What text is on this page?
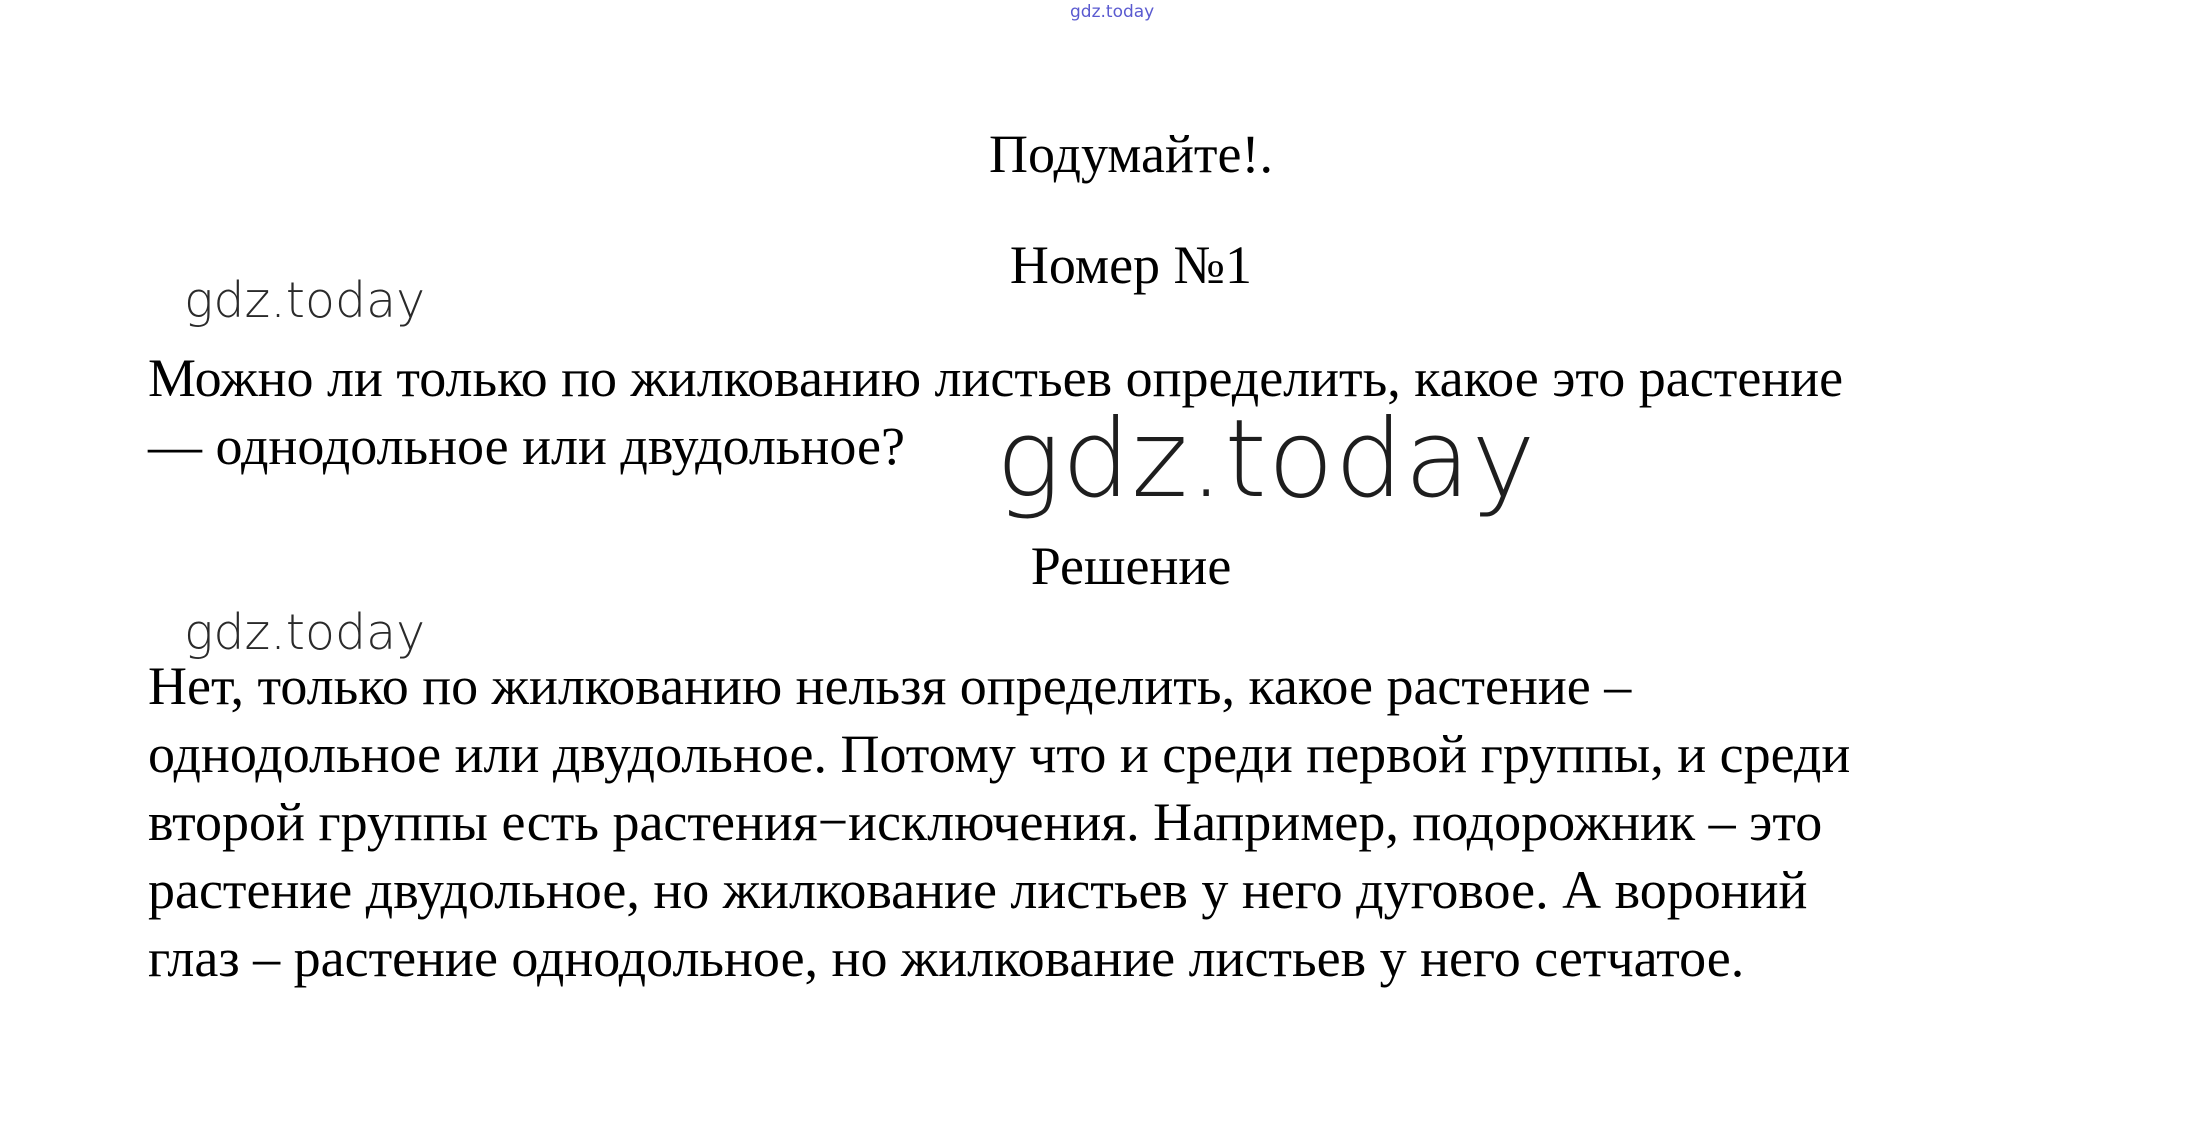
gdz.today
Подумайте!.
Номер №1
gdz.today
Можно ли только по жилкованию листьев определить, какое это растение
— однодольное или двудольное? gdz.today
Решение
gdz.today
Нет, только по жилкованию нельзя определить, какое растение –
однодольное или двудольное. Потому что и среди первой группы, и среди
второй группы есть растения−исключения. Например, подорожник – это
растение двудольное, но жилкование листьев у него дуговое. А вороний
глаз – растение однодольное, но жилкование листьев у него сетчатое.
